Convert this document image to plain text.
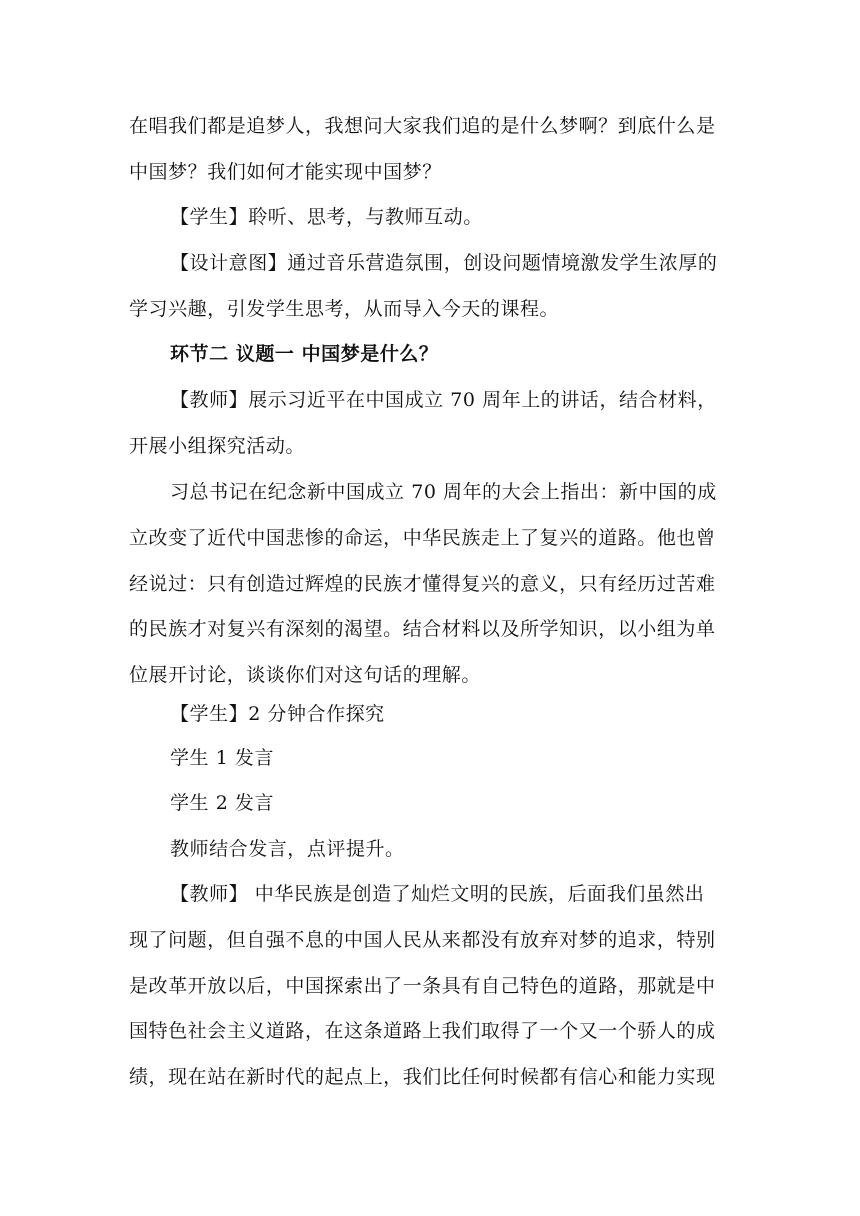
在唱我们都是追梦人，我想问大家我们追的是什么梦啊？到底什么是
中国梦？我们如何才能实现中国梦？
【学生】聆听、思考，与教师互动。
【设计意图】通过音乐营造氛围，创设问题情境激发学生浓厚的
学习兴趣，引发学生思考，从而导入今天的课程。
环节二 议题一 中国梦是什么？
【教师】展示习近平在中国成立 70 周年上的讲话，结合材料，
开展小组探究活动。
习总书记在纪念新中国成立 70 周年的大会上指出：新中国的成
立改变了近代中国悲惨的命运，中华民族走上了复兴的道路。他也曾
经说过：只有创造过辉煌的民族才懂得复兴的意义，只有经历过苦难
的民族才对复兴有深刻的渴望。结合材料以及所学知识，以小组为单
位展开讨论，谈谈你们对这句话的理解。
【学生】2 分钟合作探究
学生 1 发言
学生 2 发言
教师结合发言，点评提升。
【教师】 中华民族是创造了灿烂文明的民族，后面我们虽然出
现了问题，但自强不息的中国人民从来都没有放弃对梦的追求，特别
是改革开放以后，中国探索出了一条具有自己特色的道路，那就是中
国特色社会主义道路，在这条道路上我们取得了一个又一个骄人的成
绩，现在站在新时代的起点上，我们比任何时候都有信心和能力实现
